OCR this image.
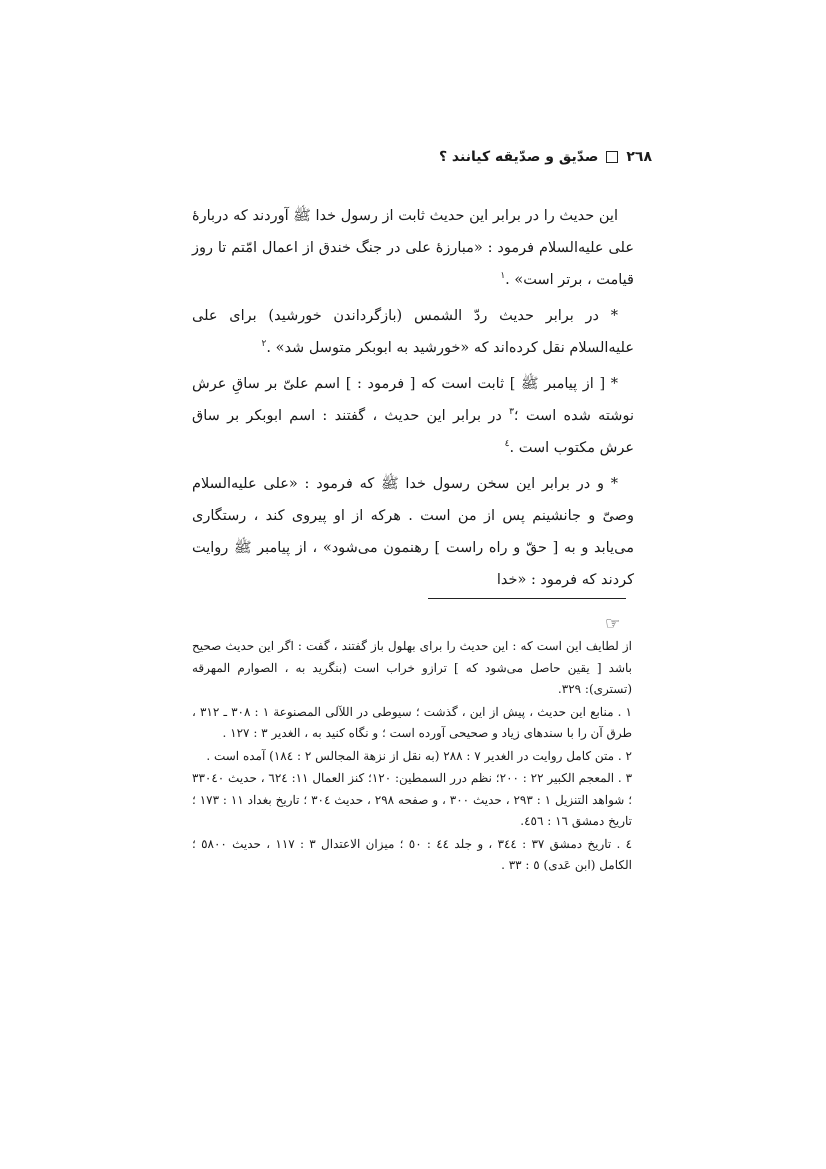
٢٦٨
صدّيق و صدّيقه كيانند ؟

اين حديث را در برابر اين حديث ثابت از رسول خدا ﷺ آوردند كه دربارهٔ على عليه‌السلام فرمود : «مبارزهٔ على در جنگ خندق از اعمال امّتم تا روز قيامت ، برتر است» .$^١$

* در برابر حديث ردّ الشمس (بازگرداندن خورشيد) براى على عليه‌السلام نقل كرده‌اند كه «خورشيد به ابوبكر متوسل شد» .$^٢$

* [ از پيامبر ﷺ ] ثابت است كه [ فرمود : ] اسم علىّ بر ساقِ عرش نوشته شده است ؛$^٣$ در برابر اين حديث ، گفتند : اسم ابوبكر بر ساق عرش مكتوب است .$^٤$

* و در برابر اين سخن رسول خدا ﷺ كه فرمود : «على عليه‌السلام وصىّ و جانشينم پس از من است . هركه از او پيروى كند ، رستگارى مى‌يابد و به [ حقّ و راه راست ] رهنمون مى‌شود» ، از پيامبر ﷺ روايت كردند كه فرمود : «خدا

☞
از لطايف اين است كه : اين حديث را براى بهلول باز گفتند ، گفت : اگر اين حديث صحيح باشد [ يقين حاصل مى‌شود كه ] ترازو خراب است (بنگريد به ، الصوارم المهرقه (تسترى): ٣٢٩.
١ . منابع اين حديث ، پيش از اين ، گذشت ؛ سيوطى در اللآلى المصنوعة ١ : ٣٠٨ ـ ٣١٢ ، طرق آن را با سندهاى زياد و صحيحى آورده است ؛ و نگاه كنيد به ، الغدير ٣ : ١٢٧ .
٢ . متن كامل روايت در الغدير ٧ : ٢٨٨ (به نقل از نزهة المجالس ٢ : ١٨٤) آمده است .
٣ . المعجم الكبير ٢٢ : ٢٠٠؛ نظم درر السمطين: ١٢٠؛ كنز العمال ١١: ٦٢٤ ، حديث ٣٣٠٤٠ ؛ شواهد التنزيل ١ : ٢٩٣ ، حديث ٣٠٠ ، و صفحه ٢٩٨ ، حديث ٣٠٤ ؛ تاريخ بغداد ١١ : ١٧٣ ؛ تاريخ دمشق ١٦ : ٤٥٦.
٤ . تاريخ دمشق ٣٧ : ٣٤٤ ، و جلد ٤٤ : ٥٠ ؛ ميزان الاعتدال ٣ : ١١٧ ، حديث ٥٨٠٠ ؛ الكامل (ابن عَدى) ٥ : ٣٣ .
